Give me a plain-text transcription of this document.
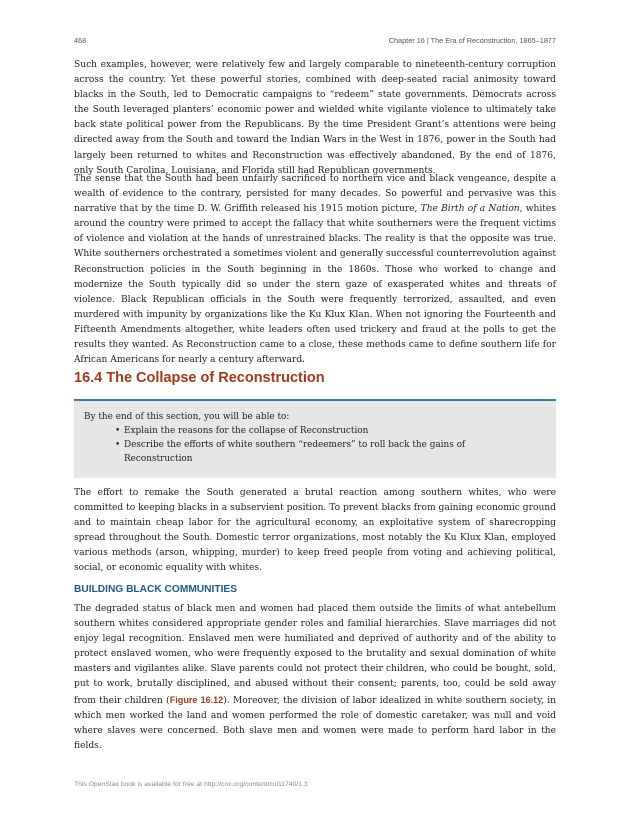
468	Chapter 16 | The Era of Reconstruction, 1865–1877

Such examples, however, were relatively few and largely comparable to nineteenth-century corruption across the country. Yet these powerful stories, combined with deep-seated racial animosity toward blacks in the South, led to Democratic campaigns to “redeem” state governments. Democrats across the South leveraged planters’ economic power and wielded white vigilante violence to ultimately take back state political power from the Republicans. By the time President Grant’s attentions were being directed away from the South and toward the Indian Wars in the West in 1876, power in the South had largely been returned to whites and Reconstruction was effectively abandoned. By the end of 1876, only South Carolina, Louisiana, and Florida still had Republican governments.

The sense that the South had been unfairly sacrificed to northern vice and black vengeance, despite a wealth of evidence to the contrary, persisted for many decades. So powerful and pervasive was this narrative that by the time D. W. Griffith released his 1915 motion picture, The Birth of a Nation, whites around the country were primed to accept the fallacy that white southerners were the frequent victims of violence and violation at the hands of unrestrained blacks. The reality is that the opposite was true. White southerners orchestrated a sometimes violent and generally successful counterrevolution against Reconstruction policies in the South beginning in the 1860s. Those who worked to change and modernize the South typically did so under the stern gaze of exasperated whites and threats of violence. Black Republican officials in the South were frequently terrorized, assaulted, and even murdered with impunity by organizations like the Ku Klux Klan. When not ignoring the Fourteenth and Fifteenth Amendments altogether, white leaders often used trickery and fraud at the polls to get the results they wanted. As Reconstruction came to a close, these methods came to define southern life for African Americans for nearly a century afterward.

16.4 The Collapse of Reconstruction
By the end of this section, you will be able to:
• Explain the reasons for the collapse of Reconstruction
• Describe the efforts of white southern “redeemers” to roll back the gains of Reconstruction

The effort to remake the South generated a brutal reaction among southern whites, who were committed to keeping blacks in a subservient position. To prevent blacks from gaining economic ground and to maintain cheap labor for the agricultural economy, an exploitative system of sharecropping spread throughout the South. Domestic terror organizations, most notably the Ku Klux Klan, employed various methods (arson, whipping, murder) to keep freed people from voting and achieving political, social, or economic equality with whites.

BUILDING BLACK COMMUNITIES

The degraded status of black men and women had placed them outside the limits of what antebellum southern whites considered appropriate gender roles and familial hierarchies. Slave marriages did not enjoy legal recognition. Enslaved men were humiliated and deprived of authority and of the ability to protect enslaved women, who were frequently exposed to the brutality and sexual domination of white masters and vigilantes alike. Slave parents could not protect their children, who could be bought, sold, put to work, brutally disciplined, and abused without their consent; parents, too, could be sold away from their children (Figure 16.12). Moreover, the division of labor idealized in white southern society, in which men worked the land and women performed the role of domestic caretaker, was null and void where slaves were concerned. Both slave men and women were made to perform hard labor in the fields.

This OpenStax book is available for free at http://cnx.org/content/col11740/1.3
